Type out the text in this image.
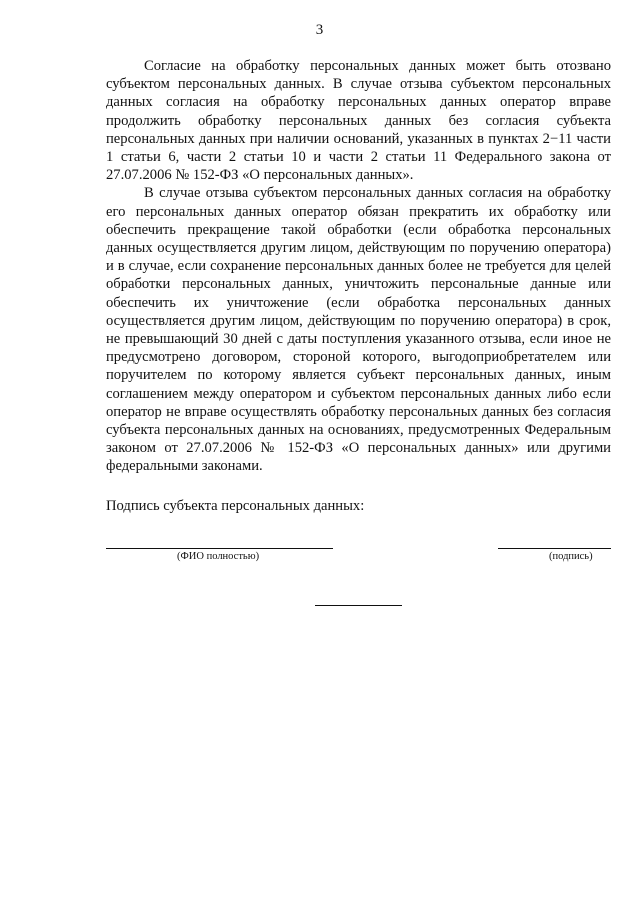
3

Согласие на обработку персональных данных может быть отозвано субъектом персональных данных. В случае отзыва субъектом персональных данных согласия на обработку персональных данных оператор вправе продолжить обработку персональных данных без согласия субъекта персональных данных при наличии оснований, указанных в пунктах 2−11 части 1 статьи 6, части 2 статьи 10 и части 2 статьи 11 Федерального закона от 27.07.2006 № 152-ФЗ «О персональных данных».

В случае отзыва субъектом персональных данных согласия на обработку его персональных данных оператор обязан прекратить их обработку или обеспечить прекращение такой обработки (если обработка персональных данных осуществляется другим лицом, действующим по поручению оператора) и в случае, если сохранение персональных данных более не требуется для целей обработки персональных данных, уничтожить персональные данные или обеспечить их уничтожение (если обработка персональных данных осуществляется другим лицом, действующим по поручению оператора) в срок, не превышающий 30 дней с даты поступления указанного отзыва, если иное не предусмотрено договором, стороной которого, выгодоприобретателем или поручителем по которому является субъект персональных данных, иным соглашением между оператором и субъектом персональных данных либо если оператор не вправе осуществлять обработку персональных данных без согласия субъекта персональных данных на основаниях, предусмотренных Федеральным законом от 27.07.2006 № 152-ФЗ «О персональных данных» или другими федеральными законами.

Подпись субъекта персональных данных:
(ФИО полностью)	(подпись)
